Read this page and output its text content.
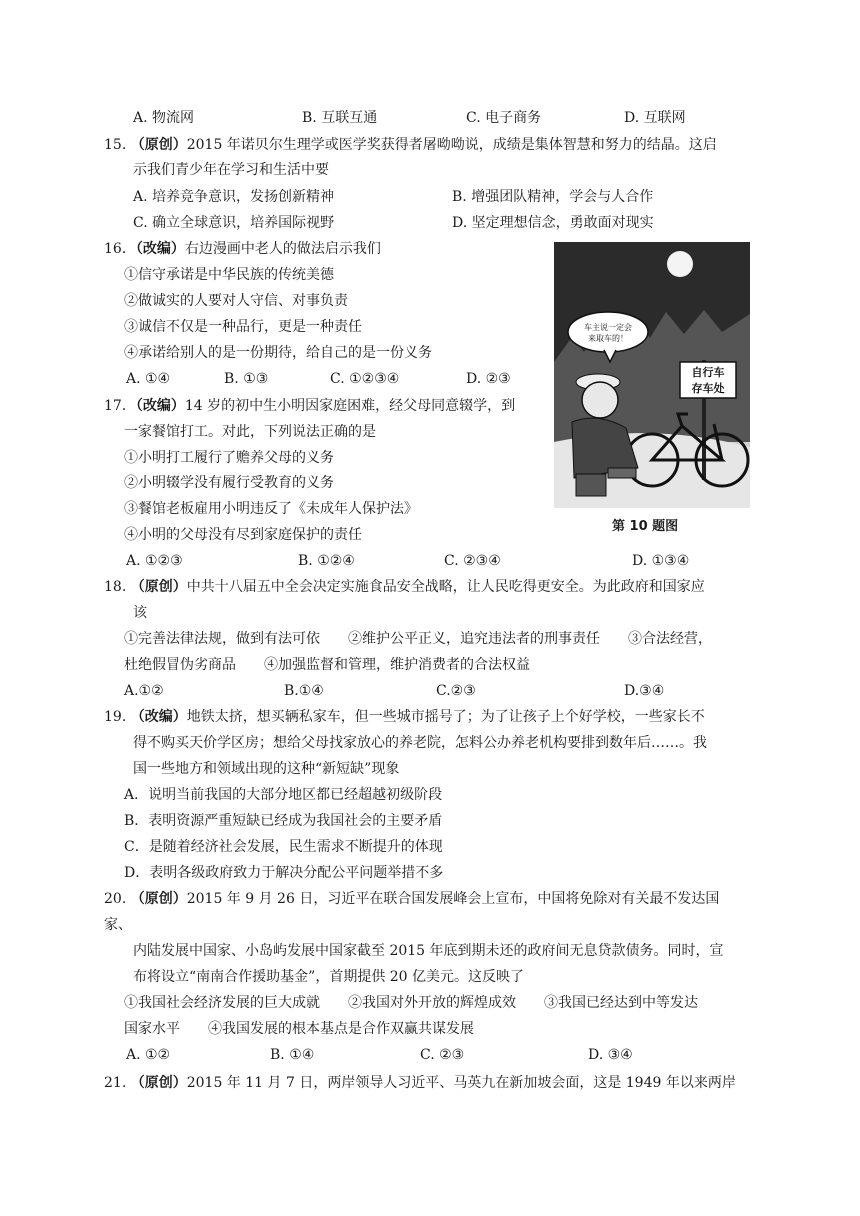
A. 物流网	B. 互联互通	C. 电子商务	D. 互联网
15. （原创）2015 年诺贝尔生理学或医学奖获得者屠呦呦说，成绩是集体智慧和努力的结晶。这启
示我们青少年在学习和生活中要
A. 培养竞争意识，发扬创新精神	B. 增强团队精神，学会与人合作
C. 确立全球意识，培养国际视野	D. 坚定理想信念，勇敢面对现实
16．（改编）右边漫画中老人的做法启示我们
①信守承诺是中华民族的传统美德
②做诚实的人要对人守信、对事负责
③诚信不仅是一种品行，更是一种责任
④承诺给别人的是一份期待，给自己的是一份义务
A. ①④	B. ①③	C. ①②③④	D. ②③
车主说一定会
来取车的！
自行车
存车处
第 10 题图
17．（改编）14 岁的初中生小明因家庭困难，经父母同意辍学，到
一家餐馆打工。对此，下列说法正确的是
①小明打工履行了赡养父母的义务
②小明辍学没有履行受教育的义务
③餐馆老板雇用小明违反了《未成年人保护法》
④小明的父母没有尽到家庭保护的责任
A. ①②③	B. ①②④	C. ②③④	D. ①③④
18. （原创）中共十八届五中全会决定实施食品安全战略，让人民吃得更安全。为此政府和国家应
该
①完善法律法规，做到有法可依　　②维护公平正义，追究违法者的刑事责任　　③合法经营，
杜绝假冒伪劣商品　　④加强监督和管理，维护消费者的合法权益
A.①②	B.①④	C.②③	D.③④
19. （改编）地铁太挤，想买辆私家车，但一些城市摇号了；为了让孩子上个好学校，一些家长不
得不购买天价学区房；想给父母找家放心的养老院，怎料公办养老机构要排到数年后……。我
国一些地方和领域出现的这种“新短缺”现象
A．说明当前我国的大部分地区都已经超越初级阶段
B．表明资源严重短缺已经成为我国社会的主要矛盾
C．是随着经济社会发展，民生需求不断提升的体现
D．表明各级政府致力于解决分配公平问题举措不多
20. （原创）2015 年 9 月 26 日，习近平在联合国发展峰会上宣布，中国将免除对有关最不发达国
家、
内陆发展中国家、小岛屿发展中国家截至 2015 年底到期未还的政府间无息贷款债务。同时，宣
布将设立“南南合作援助基金”，首期提供 20 亿美元。这反映了
①我国社会经济发展的巨大成就　　②我国对外开放的辉煌成效　　③我国已经达到中等发达
国家水平　　④我国发展的根本基点是合作双赢共谋发展
A. ①②	B. ①④	C. ②③	D. ③④
21. （原创）2015 年 11 月 7 日，两岸领导人习近平、马英九在新加坡会面，这是 1949 年以来两岸
